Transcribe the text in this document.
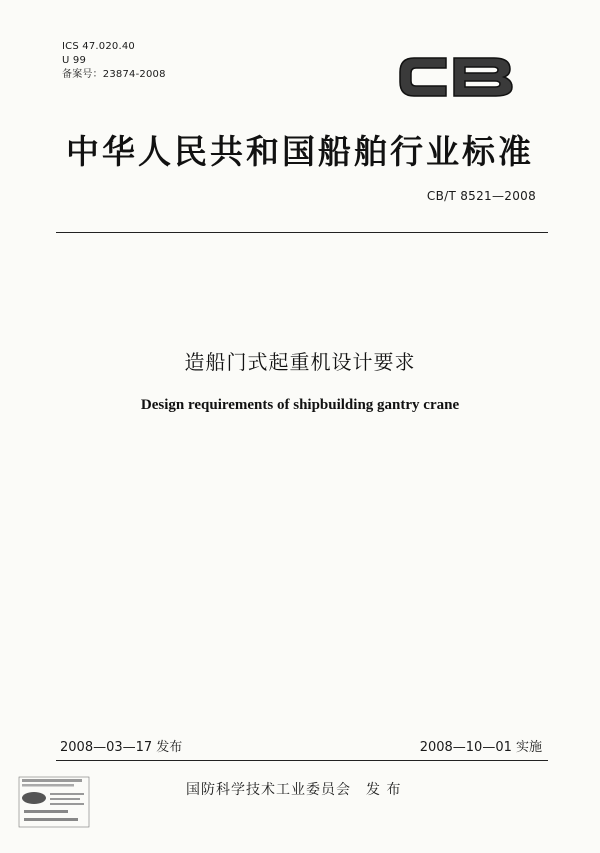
ICS 47.020.40
U 99
备案号：23874-2008
中华人民共和国船舶行业标准
CB/T 8521—2008
造船门式起重机设计要求
Design requirements of shipbuilding gantry crane
2008—03—17 发布	2008—10—01 实施
国防科学技术工业委员会　发 布
